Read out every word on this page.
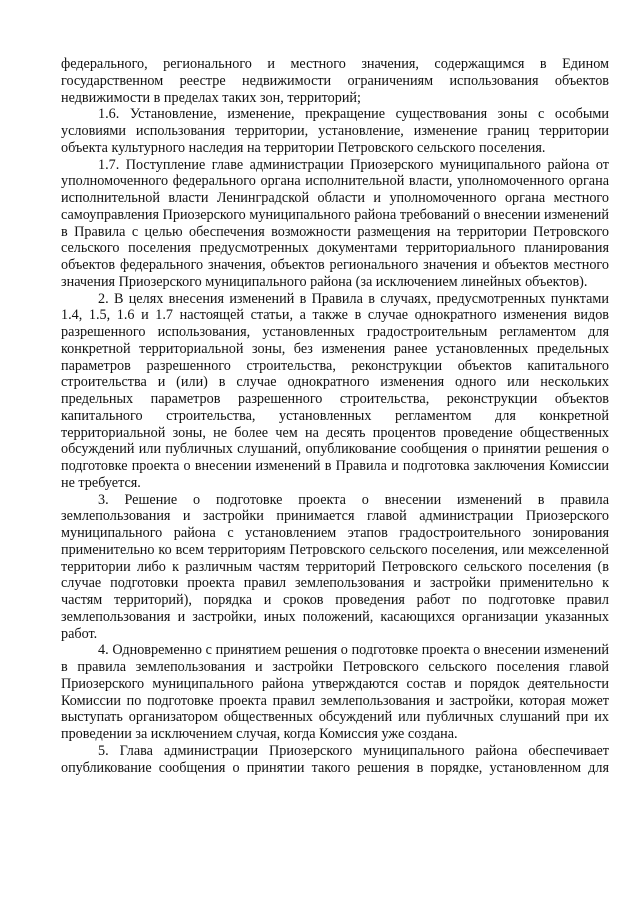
федерального, регионального и местного значения, содержащимся в Едином государственном реестре недвижимости ограничениям использования объектов недвижимости в пределах таких зон, территорий;

1.6. Установление, изменение, прекращение существования зоны с особыми условиями использования территории, установление, изменение границ территории объекта культурного наследия на территории Петровского сельского поселения.

1.7. Поступление главе администрации Приозерского муниципального района от уполномоченного федерального органа исполнительной власти, уполномоченного органа исполнительной власти Ленинградской области и уполномоченного органа местного самоуправления Приозерского муниципального района требований о внесении изменений в Правила с целью обеспечения возможности размещения на территории Петровского сельского поселения предусмотренных документами территориального планирования объектов федерального значения, объектов регионального значения и объектов местного значения Приозерского муниципального района (за исключением линейных объектов).

2. В целях внесения изменений в Правила в случаях, предусмотренных пунктами 1.4, 1.5, 1.6 и 1.7 настоящей статьи, а также в случае однократного изменения видов разрешенного использования, установленных градостроительным регламентом для конкретной территориальной зоны, без изменения ранее установленных предельных параметров разрешенного строительства, реконструкции объектов капитального строительства и (или) в случае однократного изменения одного или нескольких предельных параметров разрешенного строительства, реконструкции объектов капитального строительства, установленных регламентом для конкретной территориальной зоны, не более чем на десять процентов проведение общественных обсуждений или публичных слушаний, опубликование сообщения о принятии решения о подготовке проекта о внесении изменений в Правила и подготовка заключения Комиссии не требуется.

3. Решение о подготовке проекта о внесении изменений в правила землепользования и застройки принимается главой администрации Приозерского муниципального района с установлением этапов градостроительного зонирования применительно ко всем территориям Петровского сельского поселения, или межселенной территории либо к различным частям территорий Петровского сельского поселения (в случае подготовки проекта правил землепользования и застройки применительно к частям территорий), порядка и сроков проведения работ по подготовке правил землепользования и застройки, иных положений, касающихся организации указанных работ.

4. Одновременно с принятием решения о подготовке проекта о внесении изменений в правила землепользования и застройки Петровского сельского поселения главой Приозерского муниципального района утверждаются состав и порядок деятельности Комиссии по подготовке проекта правил землепользования и застройки, которая может выступать организатором общественных обсуждений или публичных слушаний при их проведении за исключением случая, когда Комиссия уже создана.

5. Глава администрации Приозерского муниципального района обеспечивает опубликование сообщения о принятии такого решения в порядке, установленном для
